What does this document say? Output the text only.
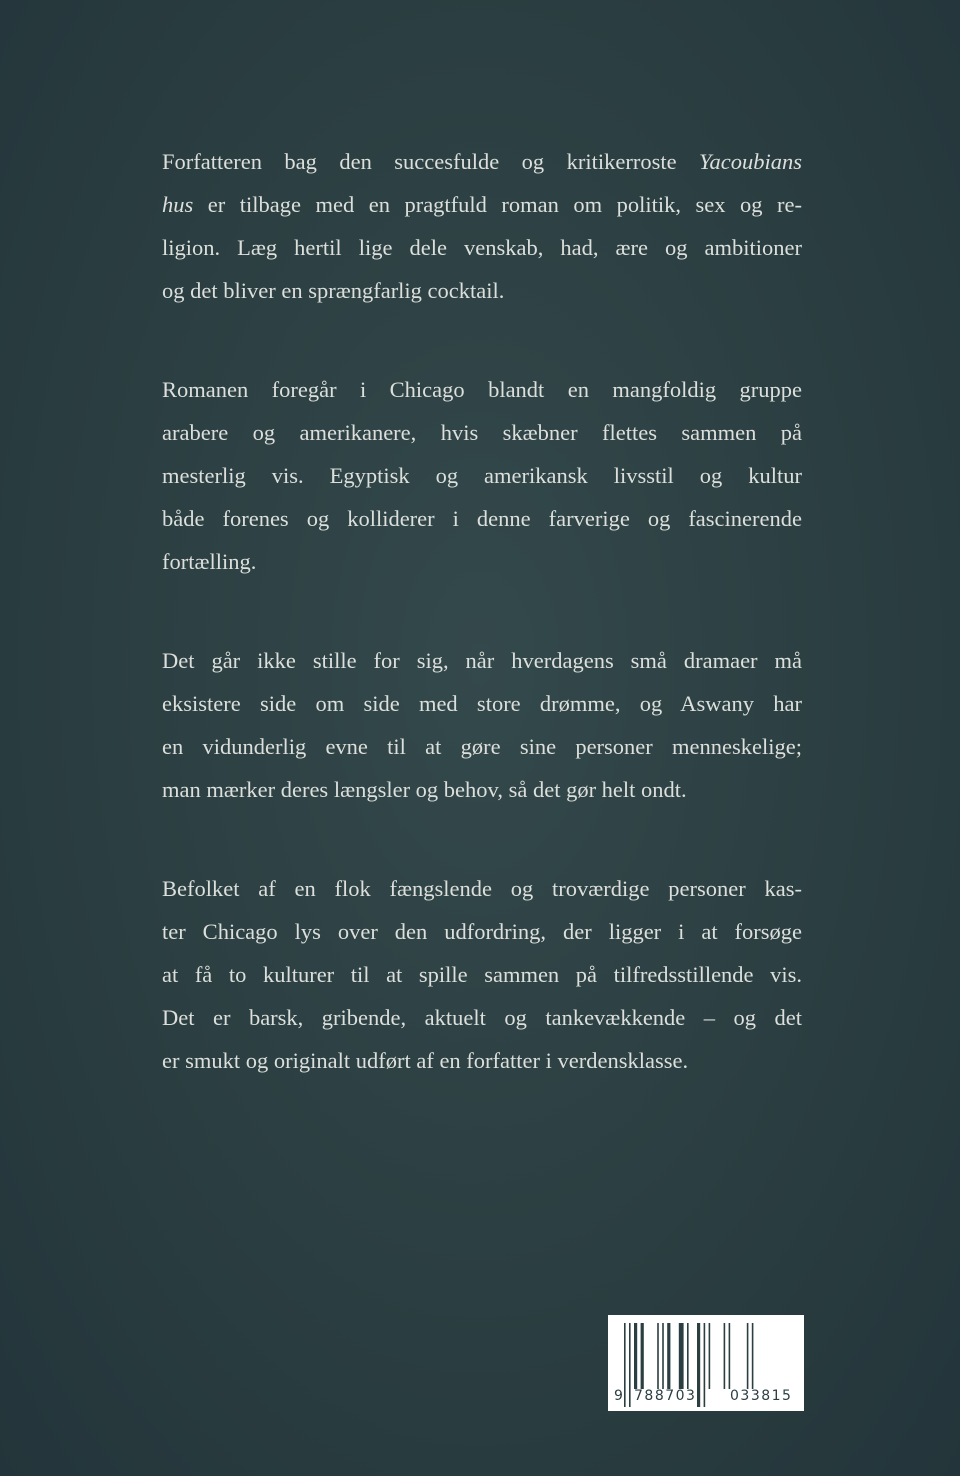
Forfatteren bag den succesfulde og kritikerroste Yacoubians
hus er tilbage med en pragtfuld roman om politik, sex og re-
ligion. Læg hertil lige dele venskab, had, ære og ambitioner
og det bliver en sprængfarlig cocktail.
Romanen foregår i Chicago blandt en mangfoldig gruppe
arabere og amerikanere, hvis skæbner flettes sammen på
mesterlig vis. Egyptisk og amerikansk livsstil og kultur
både forenes og kolliderer i denne farverige og fascinerende
fortælling.
Det går ikke stille for sig, når hverdagens små dramaer må
eksistere side om side med store drømme, og Aswany har
en vidunderlig evne til at gøre sine personer menneskelige;
man mærker deres længsler og behov, så det gør helt ondt.
Befolket af en flok fængslende og troværdige personer kas-
ter Chicago lys over den udfordring, der ligger i at forsøge
at få to kulturer til at spille sammen på tilfredsstillende vis.
Det er barsk, gribende, aktuelt og tankevækkende – og det
er smukt og originalt udført af en forfatter i verdensklasse.
9 788703 033815
